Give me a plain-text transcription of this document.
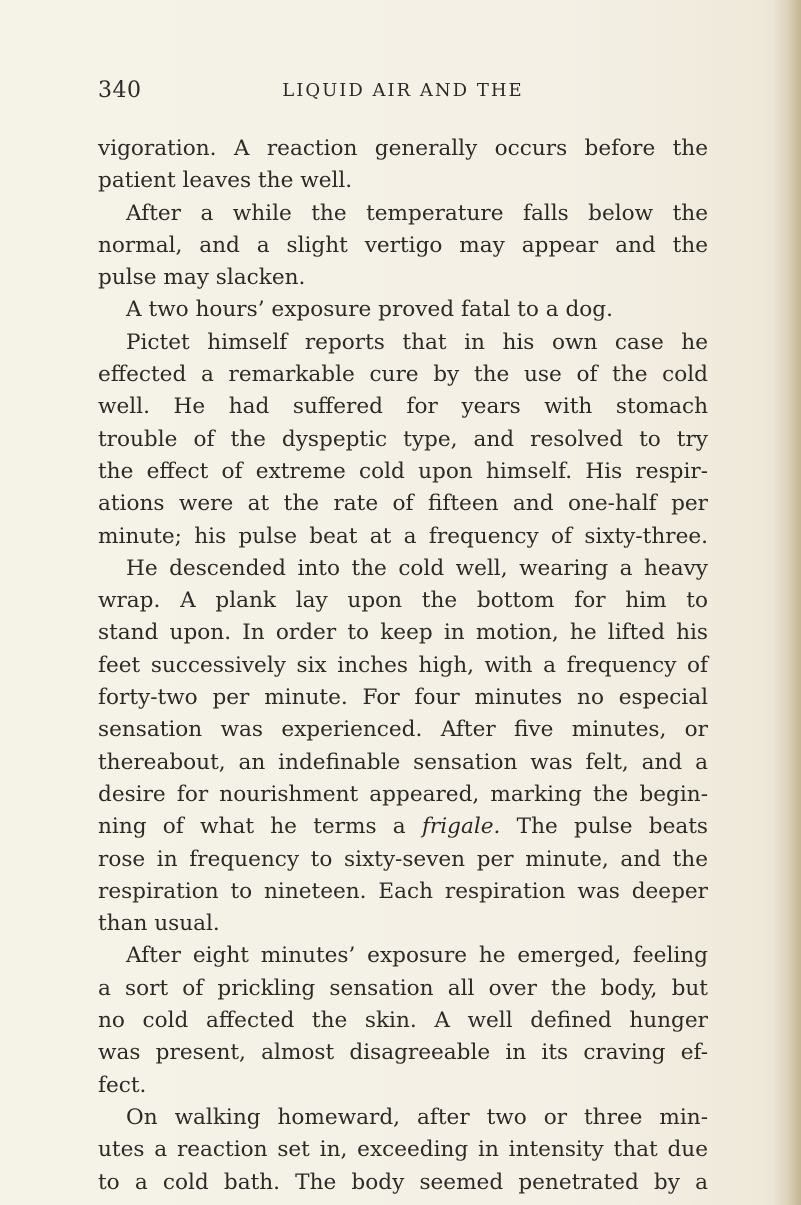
340	LIQUID AIR AND THE
vigoration. A reaction generally occurs before the
patient leaves the well.
After a while the temperature falls below the
normal, and a slight vertigo may appear and the
pulse may slacken.
A two hours’ exposure proved fatal to a dog.
Pictet himself reports that in his own case he
effected a remarkable cure by the use of the cold
well. He had suffered for years with stomach
trouble of the dyspeptic type, and resolved to try
the effect of extreme cold upon himself. His respir-
ations were at the rate of fifteen and one-half per
minute; his pulse beat at a frequency of sixty-three.
He descended into the cold well, wearing a heavy
wrap. A plank lay upon the bottom for him to
stand upon. In order to keep in motion, he lifted his
feet successively six inches high, with a frequency of
forty-two per minute. For four minutes no especial
sensation was experienced. After five minutes, or
thereabout, an indefinable sensation was felt, and a
desire for nourishment appeared, marking the begin-
ning of what he terms a frigale. The pulse beats
rose in frequency to sixty-seven per minute, and the
respiration to nineteen. Each respiration was deeper
than usual.
After eight minutes’ exposure he emerged, feeling
a sort of prickling sensation all over the body, but
no cold affected the skin. A well defined hunger
was present, almost disagreeable in its craving ef-
fect.
On walking homeward, after two or three min-
utes a reaction set in, exceeding in intensity that due
to a cold bath. The body seemed penetrated by a
